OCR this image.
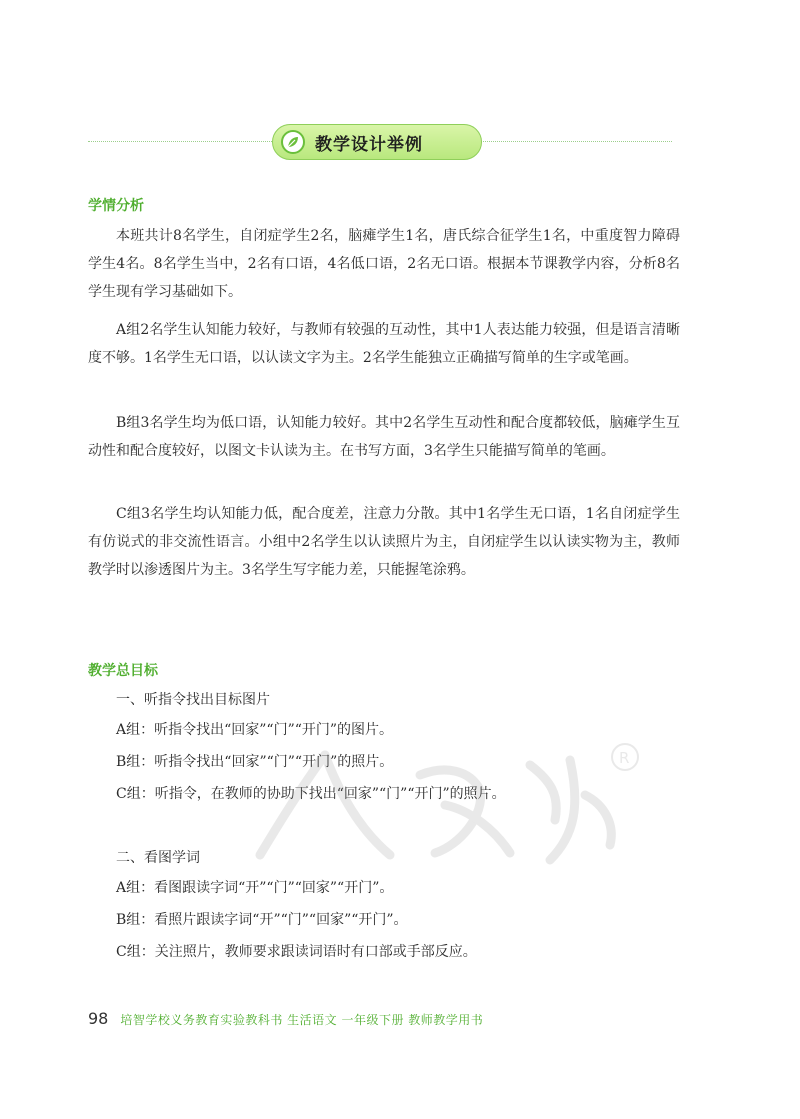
教学设计举例
学情分析

本班共计8名学生，自闭症学生2名，脑瘫学生1名，唐氏综合征学生1名，中重度智力障碍学生4名。8名学生当中，2名有口语，4名低口语，2名无口语。根据本节课教学内容，分析8名学生现有学习基础如下。

A组2名学生认知能力较好，与教师有较强的互动性，其中1人表达能力较强，但是语言清晰度不够。1名学生无口语，以认读文字为主。2名学生能独立正确描写简单的生字或笔画。

B组3名学生均为低口语，认知能力较好。其中2名学生互动性和配合度都较低，脑瘫学生互动性和配合度较好，以图文卡认读为主。在书写方面，3名学生只能描写简单的笔画。

C组3名学生均认知能力低，配合度差，注意力分散。其中1名学生无口语，1名自闭症学生有仿说式的非交流性语言。小组中2名学生以认读照片为主，自闭症学生以认读实物为主，教师教学时以渗透图片为主。3名学生写字能力差，只能握笔涂鸦。

教学总目标
一、听指令找出目标图片
A组：听指令找出“回家”“门”“开门”的图片。
B组：听指令找出“回家”“门”“开门”的照片。
C组：听指令，在教师的协助下找出“回家”“门”“开门”的照片。
二、看图学词
A组：看图跟读字词“开”“门”“回家”“开门”。
B组：看照片跟读字词“开”“门”“回家”“开门”。
C组：关注照片，教师要求跟读词语时有口部或手部反应。
R
98 培智学校义务教育实验教科书 生活语文 一年级下册 教师教学用书
